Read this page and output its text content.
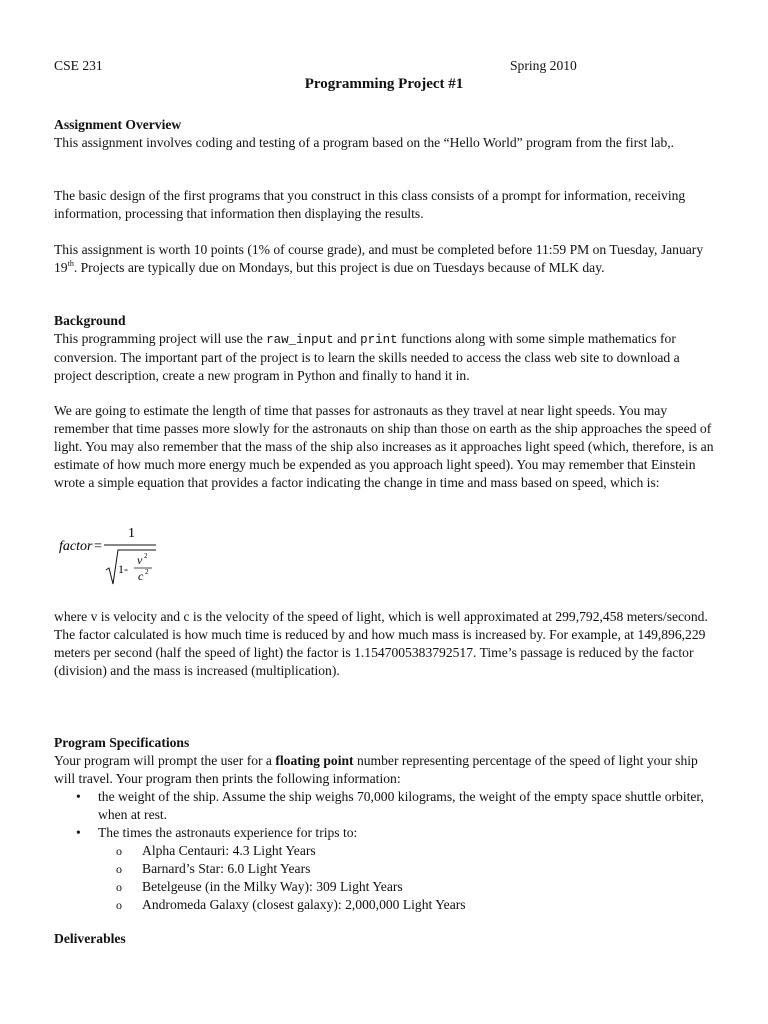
CSE 231	Spring 2010
Programming Project #1
Assignment Overview

This assignment involves coding and testing of a program based on the “Hello World” program from the first lab,.

The basic design of the first programs that you construct in this class consists of a prompt for information, receiving information, processing that information then displaying the results.

This assignment is worth 10 points (1% of course grade), and must be completed before 11:59 PM on Tuesday, January 19th. Projects are typically due on Mondays, but this project is due on Tuesdays because of MLK day.

Background

This programming project will use the raw_input and print functions along with some simple mathematics for conversion. The important part of the project is to learn the skills needed to access the class web site to download a project description, create a new program in Python and finally to hand it in.

We are going to estimate the length of time that passes for astronauts as they travel at near light speeds. You may remember that time passes more slowly for the astronauts on ship than those on earth as the ship approaches the speed of light. You may also remember that the mass of the ship also increases as it approaches light speed (which, therefore, is an estimate of how much more energy much be expended as you approach light speed). You may remember that Einstein wrote a simple equation that provides a factor indicating the change in time and mass based on speed, which is:

factor =
1
1-
v 2
c 2

where v is velocity and c is the velocity of the speed of light, which is well approximated at 299,792,458 meters/second. The factor calculated is how much time is reduced by and how much mass is increased by. For example, at 149,896,229 meters per second (half the speed of light) the factor is 1.1547005383792517. Time’s passage is reduced by the factor (division) and the mass is increased (multiplication).

Program Specifications

Your program will prompt the user for a floating point number representing percentage of the speed of light your ship will travel. Your program then prints the following information:

• the weight of the ship. Assume the ship weighs 70,000 kilograms, the weight of the empty space shuttle orbiter, when at rest.
• The times the astronauts experience for trips to:
o Alpha Centauri: 4.3 Light Years
o Barnard’s Star: 6.0 Light Years
o Betelgeuse (in the Milky Way): 309 Light Years
o Andromeda Galaxy (closest galaxy): 2,000,000 Light Years
Deliverables
